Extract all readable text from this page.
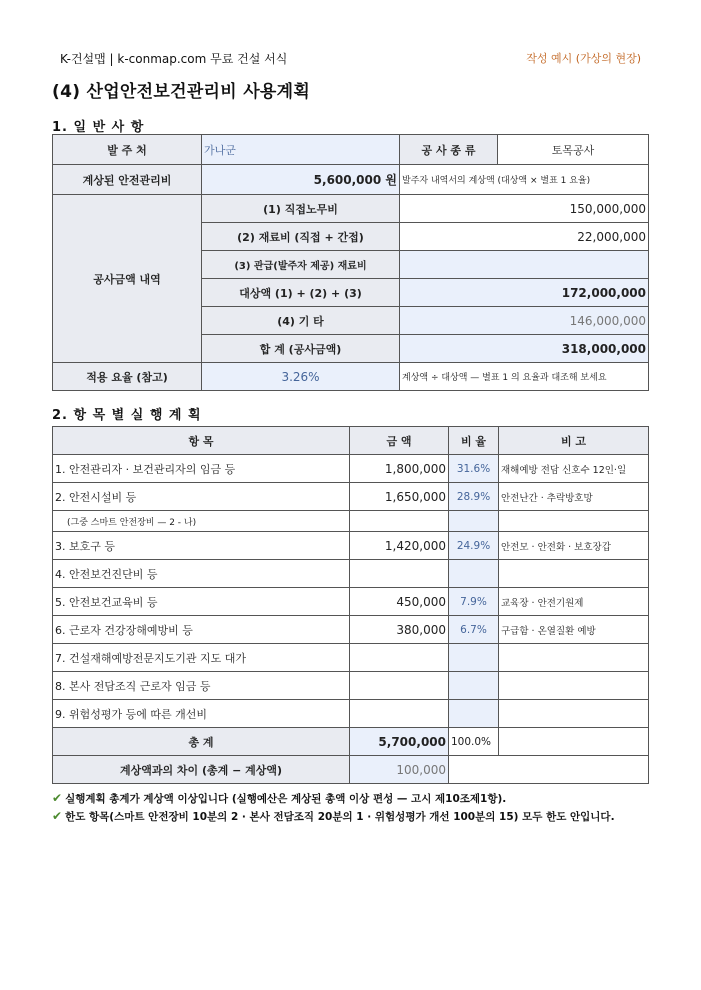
K-건설맵 | k-conmap.com 무료 건설 서식	작성 예시 (가상의 현장)
(4) 산업안전보건관리비 사용계획
1. 일 반 사 항
발 주 처	가나군	공 사 종 류	토목공사
계상된 안전관리비	5,600,000 원	발주자 내역서의 계상액 (대상액 × 별표 1 요율)	
공사금액 내역	(1) 직접노무비	150,000,000	
	(2) 재료비 (직접 + 간접)	22,000,000	
	(3) 관급(발주자 제공) 재료비		
	대상액 (1) + (2) + (3)	172,000,000	
	(4) 기 타	146,000,000	
	합 계 (공사금액)	318,000,000	
적용 요율 (참고)	3.26%	계상액 ÷ 대상액 — 별표 1 의 요율과 대조해 보세요	
2. 항 목 별 실 행 계 획
항 목	금 액	비 율	비 고
1. 안전관리자 · 보건관리자의 임금 등	1,800,000	31.6%	재해예방 전담 신호수 12인·일
2. 안전시설비 등	1,650,000	28.9%	안전난간 · 추락방호망
(그중 스마트 안전장비 — 2 - 나)			
3. 보호구 등	1,420,000	24.9%	안전모 · 안전화 · 보호장갑
4. 안전보건진단비 등			
5. 안전보건교육비 등	450,000	7.9%	교육장 · 안전기원제
6. 근로자 건강장해예방비 등	380,000	6.7%	구급함 · 온열질환 예방
7. 건설재해예방전문지도기관 지도 대가			
8. 본사 전담조직 근로자 임금 등			
9. 위험성평가 등에 따른 개선비			
총 계	5,700,000	100.0%	
계상액과의 차이 (총계 − 계상액)	100,000		
✔ 실행계획 총계가 계상액 이상입니다 (실행예산은 계상된 총액 이상 편성 — 고시 제10조제1항).
✔ 한도 항목(스마트 안전장비 10분의 2 · 본사 전담조직 20분의 1 · 위험성평가 개선 100분의 15) 모두 한도 안입니다.
